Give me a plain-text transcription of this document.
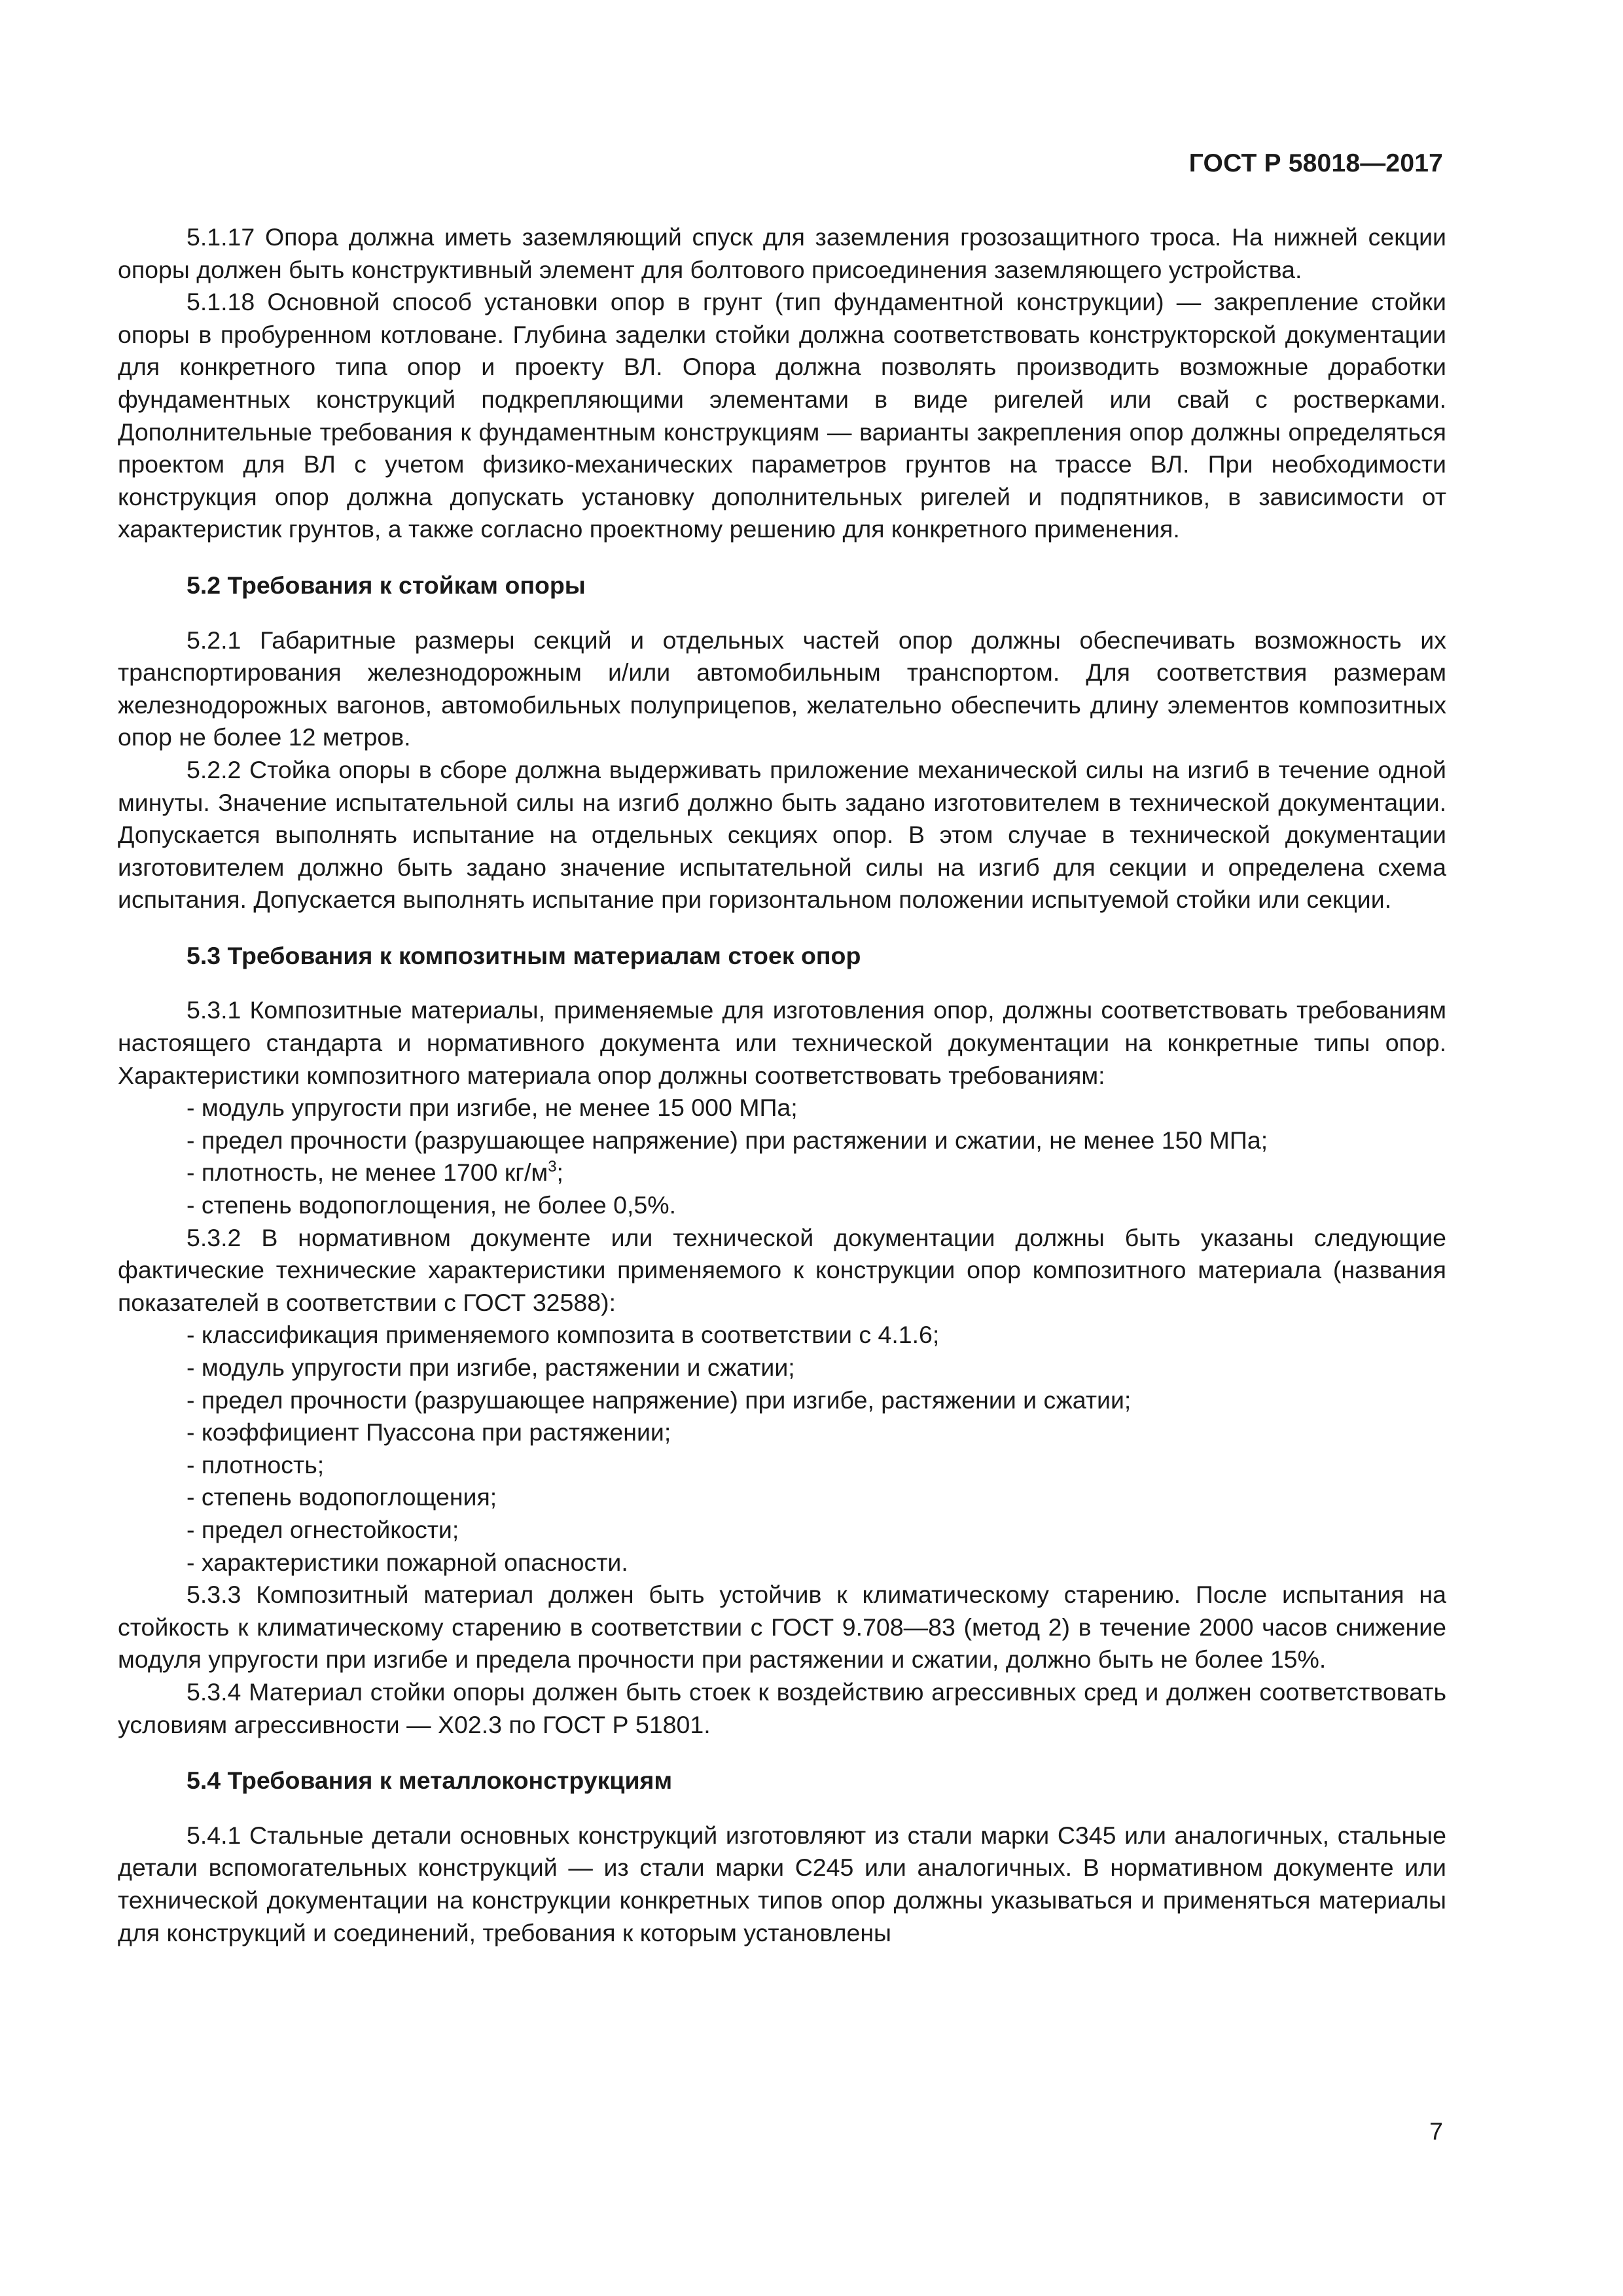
ГОСТ Р 58018—2017

5.1.17 Опора должна иметь заземляющий спуск для заземления грозозащитного троса. На нижней секции опоры должен быть конструктивный элемент для болтового присоединения заземляющего устройства.

5.1.18 Основной способ установки опор в грунт (тип фундаментной конструкции) — закрепление стойки опоры в пробуренном котловане. Глубина заделки стойки должна соответствовать конструкторской документации для конкретного типа опор и проекту ВЛ. Опора должна позволять производить возможные доработки фундаментных конструкций подкрепляющими элементами в виде ригелей или свай с ростверками. Дополнительные требования к фундаментным конструкциям — варианты закрепления опор должны определяться проектом для ВЛ с учетом физико-механических параметров грунтов на трассе ВЛ. При необходимости конструкция опор должна допускать установку дополнительных ригелей и подпятников, в зависимости от характеристик грунтов, а также согласно проектному решению для конкретного применения.

5.2 Требования к стойкам опоры

5.2.1 Габаритные размеры секций и отдельных частей опор должны обеспечивать возможность их транспортирования железнодорожным и/или автомобильным транспортом. Для соответствия размерам железнодорожных вагонов, автомобильных полуприцепов, желательно обеспечить длину элементов композитных опор не более 12 метров.

5.2.2 Стойка опоры в сборе должна выдерживать приложение механической силы на изгиб в течение одной минуты. Значение испытательной силы на изгиб должно быть задано изготовителем в технической документации. Допускается выполнять испытание на отдельных секциях опор. В этом случае в технической документации изготовителем должно быть задано значение испытательной силы на изгиб для секции и определена схема испытания. Допускается выполнять испытание при горизонтальном положении испытуемой стойки или секции.

5.3 Требования к композитным материалам стоек опор

5.3.1 Композитные материалы, применяемые для изготовления опор, должны соответствовать требованиям настоящего стандарта и нормативного документа или технической документации на конкретные типы опор. Характеристики композитного материала опор должны соответствовать требованиям:

- модуль упругости при изгибе, не менее 15 000 МПа;

- предел прочности (разрушающее напряжение) при растяжении и сжатии, не менее 150 МПа;

- плотность, не менее 1700 $кг/м^3$;

- степень водопоглощения, не более 0,5%.

5.3.2 В нормативном документе или технической документации должны быть указаны следующие фактические технические характеристики применяемого к конструкции опор композитного материала (названия показателей в соответствии с ГОСТ 32588):

- классификация применяемого композита в соответствии с 4.1.6;

- модуль упругости при изгибе, растяжении и сжатии;

- предел прочности (разрушающее напряжение) при изгибе, растяжении и сжатии;

- коэффициент Пуассона при растяжении;

- плотность;

- степень водопоглощения;

- предел огнестойкости;

- характеристики пожарной опасности.

5.3.3 Композитный материал должен быть устойчив к климатическому старению. После испытания на стойкость к климатическому старению в соответствии с ГОСТ 9.708—83 (метод 2) в течение 2000 часов снижение модуля упругости при изгибе и предела прочности при растяжении и сжатии, должно быть не более 15%.

5.3.4 Материал стойки опоры должен быть стоек к воздействию агрессивных сред и должен соответствовать условиям агрессивности — Х02.3 по ГОСТ Р 51801.

5.4 Требования к металлоконструкциям

5.4.1 Стальные детали основных конструкций изготовляют из стали марки С345 или аналогичных, стальные детали вспомогательных конструкций — из стали марки С245 или аналогичных. В нормативном документе или технической документации на конструкции конкретных типов опор должны указываться и применяться материалы для конструкций и соединений, требования к которым установлены

7
